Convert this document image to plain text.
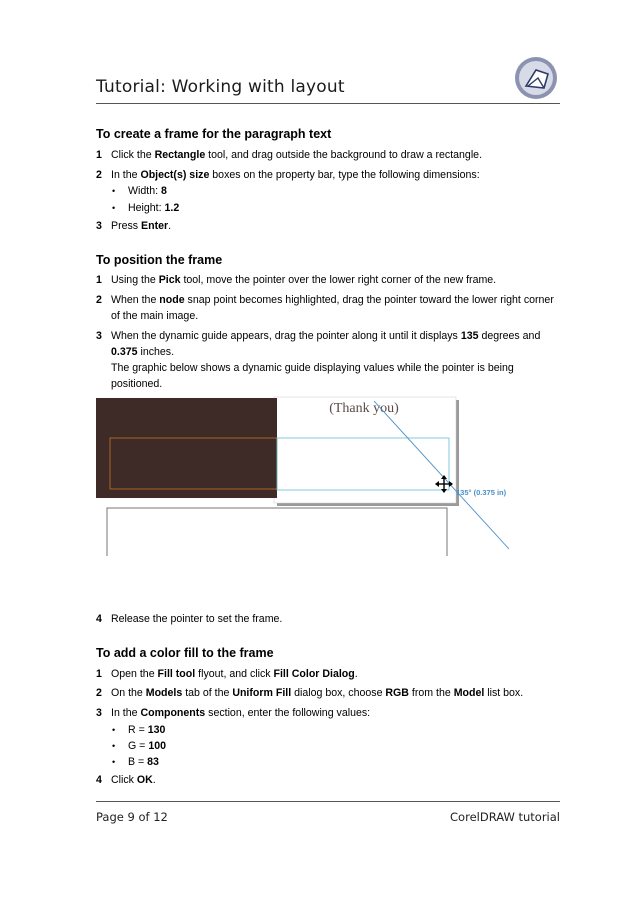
Tutorial: Working with layout
To create a frame for the paragraph text
1 Click the Rectangle tool, and drag outside the background to draw a rectangle.
2 In the Object(s) size boxes on the property bar, type the following dimensions:
• Width: 8
• Height: 1.2
3 Press Enter.
To position the frame
1 Using the Pick tool, move the pointer over the lower right corner of the new frame.
2 When the node snap point becomes highlighted, drag the pointer toward the lower right corner of the main image.
3 When the dynamic guide appears, drag the pointer along it until it displays 135 degrees and 0.375 inches.
The graphic below shows a dynamic guide displaying values while the pointer is being positioned.
(Thank you)
135° (0.375 in)
4 Release the pointer to set the frame.
To add a color fill to the frame
1 Open the Fill tool flyout, and click Fill Color Dialog.
2 On the Models tab of the Uniform Fill dialog box, choose RGB from the Model list box.
3 In the Components section, enter the following values:
• R = 130
• G = 100
• B = 83
4 Click OK.
Page 9 of 12	CorelDRAW tutorial
